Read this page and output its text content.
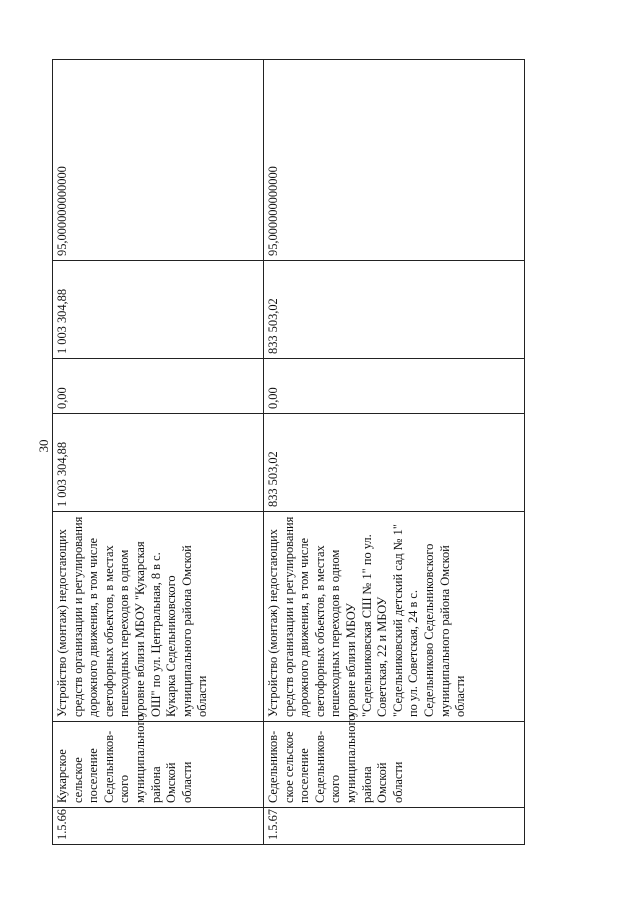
30
1.5.66	Кукарское сельское поселение Седельников-ского муниципального района Омской области	Устройство (монтаж) недостающих средств организации и регулирования дорожного движения, в том числе светофорных объектов, в местах пешеходных переходов в одном уровне вблизи МБОУ "Кукарская ОШ" по ул. Центральная, 8 в с. Кукарка Седельниковского муниципального района Омской области	1 003 304,88	0,00	1 003 304,88	95,000000000000
1.5.67	Седельников-ское сельское поселение Седельников-ского муниципального района Омской области	Устройство (монтаж) недостающих средств организации и регулирования дорожного движения, в том числе светофорных объектов, в местах пешеходных переходов в одном уровне вблизи МБОУ "Седельниковская СШ № 1" по ул. Советская, 22 и МБОУ "Седельниковский детский сад № 1" по ул. Советская, 24 в с. Седельниково Седельниковского муниципального района Омской области	833 503,02	0,00	833 503,02	95,000000000000
